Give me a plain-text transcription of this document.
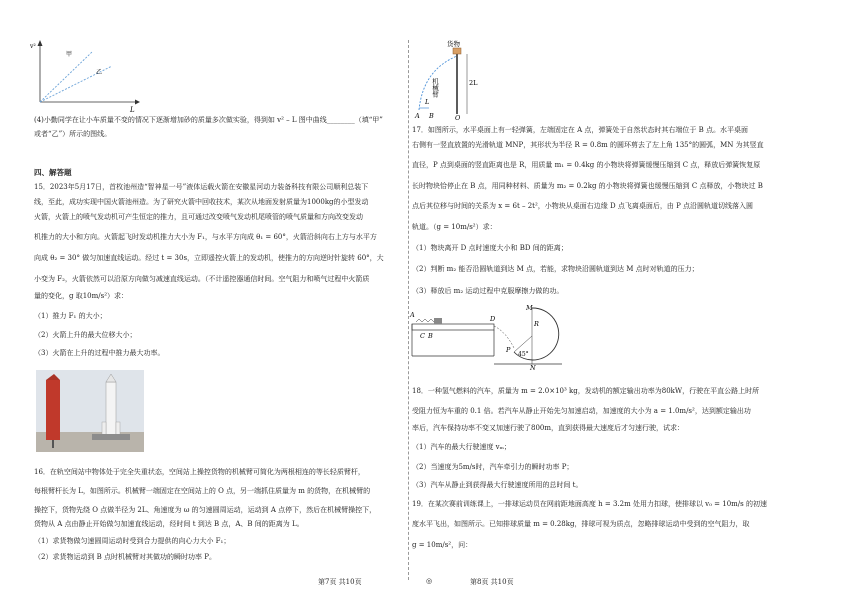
v²
L
甲
乙
(4)小勤同学在让小车质量不变的情况下逐渐增加砂的质量多次做实验，得到如 v² – L 图中曲线________（填“甲”
或者“乙”）所示的图线。
四、解答题
15．2023年5月17日，首枚池州造“智神星一号”液体运载火箭在安徽星河动力装备科技有限公司顺利总装下
线，至此，成功实现中国火箭池州造。为了研究火箭中回收技术，某次从地面发射质量为1000kg的小型发动
火箭，火箭上的喷气发动机可产生恒定的推力，且可通过改变喷气发动机尾喷管的喷气质量和方向改变发动
机推力的大小和方向。火箭起飞时发动机推力大小为 F₁，与水平方向成 θ₁ = 60°，火箭沿斜向右上方与水平方
向成 θ₂ = 30° 做匀加速直线运动。经过 t = 30s，立即遥控火箭上的发动机，使推力的方向逆时针旋转 60°，大
小变为 F₂，火箭依然可以沿原方向做匀减速直线运动。（不计遥控器通信时间。空气阻力和喷气过程中火箭质
量的变化，g 取10m/s²）求：
（1）推力 F₁ 的大小；
（2）火箭上升的最大位移大小；
（3）火箭在上升的过程中推力最大功率。
16．在轨空间站中物体处于完全失重状态，空间站上操控货物的机械臂可简化为两根相连的等长轻质臂杆，
每根臂杆长为 L，如图所示。机械臂一端固定在空间站上的 O 点，另一端抓住质量为 m 的货物，在机械臂的
操控下，货物先绕 O 点做半径为 2L、角速度为 ω 的匀速圆周运动，运动到 A 点停下，然后在机械臂操控下，
货物从 A 点由静止开始做匀加速直线运动，经时间 t 到达 B 点，A、B 间的距离为 L。
（1）求货物做匀速圆周运动时受到合力提供的向心力大小 F₁；
（2）求货物运动到 B 点时机械臂对其做功的瞬时功率 P。
货物
机械臂	2L
L
A B	O
17．如图所示，水平桌面上有一轻弹簧，左端固定在 A 点，弹簧处于自然状态时其右端位于 B 点。水平桌面
右侧有一竖直放置的光滑轨道 MNP，其形状为半径 R = 0.8m 的圆环剪去了左上角 135°的圆弧，MN 为其竖直
直径，P 点到桌面的竖直距离也是 R，用质量 m₁ = 0.4kg 的小物块将弹簧缓慢压缩到 C 点，释放后弹簧恢复原
长时物块恰停止在 B 点，用同种材料、质量为 m₂ = 0.2kg 的小物块将弹簧也缓慢压缩到 C 点释放，小物块过 B
点后其位移与时间的关系为 x = 6t – 2t²，小物块从桌面右边缘 D 点飞离桌面后，由 P 点沿圆轨道切线落入圆
轨道。（g = 10m/s²）求：
（1）物块离开 D 点时速度大小和 BD 间的距离；
（2）判断 m₂ 能否沿圆轨道到达 M 点，若能，求物块沿圆轨道到达 M 点时对轨道的压力；
（3）释放后 m₂ 运动过程中克服摩擦力做的功。
A
C B
D
P
M
R
45°
N
18．一种氢气燃料的汽车，质量为 m = 2.0×10³ kg，发动机的额定输出功率为80kW，行驶在平直公路上时所
受阻力恒为车重的 0.1 倍。若汽车从静止开始先匀加速启动，加速度的大小为 a = 1.0m/s²，达到额定输出功
率后，汽车保持功率不变又加速行驶了800m，直到获得最大速度后才匀速行驶，试求：
（1）汽车的最大行驶速度 vₘ；
（2）当速度为5m/s时，汽车牵引力的瞬时功率 P；
（3）汽车从静止到获得最大行驶速度所用的总时间 t。
19．在某次赛前训练课上，一排球运动员在网前距地面高度 h = 3.2m 处用力扣球，使排球以 v₀ = 10m/s 的初速
度水平飞出，如图所示。已知排球质量 m = 0.28kg，排球可视为质点，忽略排球运动中受到的空气阻力，取
g = 10m/s²，问：
第7页 共10页	◎	第8页 共10页
